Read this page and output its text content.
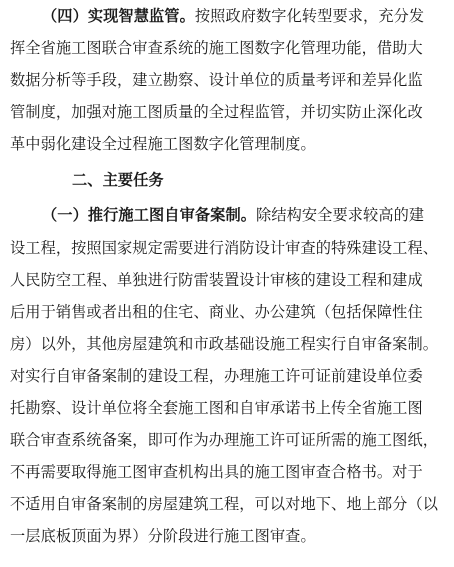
（四）实现智慧监管。按照政府数字化转型要求，充分发
挥全省施工图联合审查系统的施工图数字化管理功能，借助大
数据分析等手段，建立勘察、设计单位的质量考评和差异化监
管制度，加强对施工图质量的全过程监管，并切实防止深化改
革中弱化建设全过程施工图数字化管理制度。
二、主要任务
（一）推行施工图自审备案制。除结构安全要求较高的建
设工程，按照国家规定需要进行消防设计审查的特殊建设工程、
人民防空工程、单独进行防雷装置设计审核的建设工程和建成
后用于销售或者出租的住宅、商业、办公建筑（包括保障性住
房）以外，其他房屋建筑和市政基础设施工程实行自审备案制。
对实行自审备案制的建设工程，办理施工许可证前建设单位委
托勘察、设计单位将全套施工图和自审承诺书上传全省施工图
联合审查系统备案，即可作为办理施工许可证所需的施工图纸，
不再需要取得施工图审查机构出具的施工图审查合格书。对于
不适用自审备案制的房屋建筑工程，可以对地下、地上部分（以
一层底板顶面为界）分阶段进行施工图审查。
